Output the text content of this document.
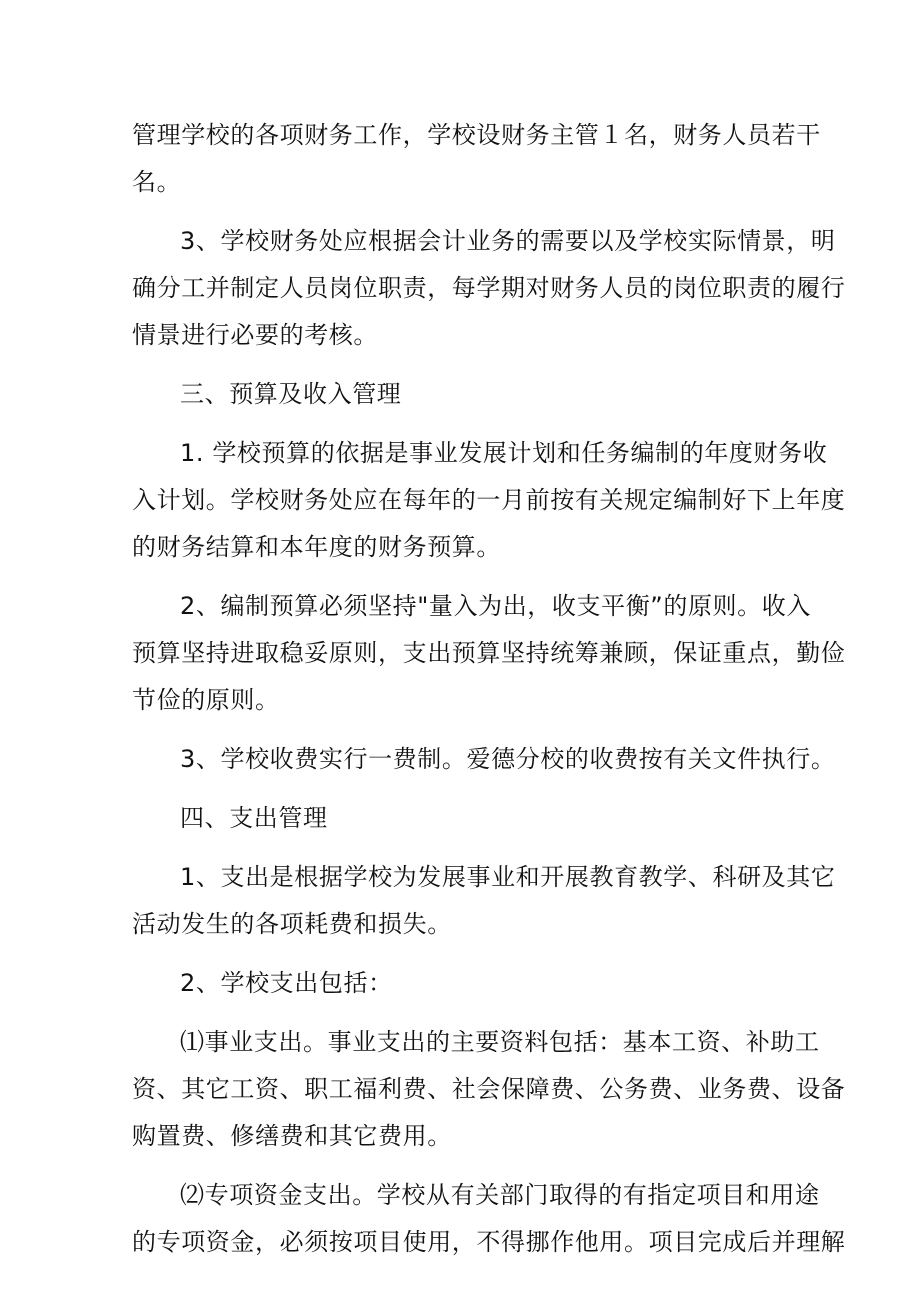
管理学校的各项财务工作，学校设财务主管１名，财务人员若干
名。

3、学校财务处应根据会计业务的需要以及学校实际情景，明
确分工并制定人员岗位职责，每学期对财务人员的岗位职责的履行
情景进行必要的考核。

三、预算及收入管理

1. 学校预算的依据是事业发展计划和任务编制的年度财务收
入计划。学校财务处应在每年的一月前按有关规定编制好下上年度
的财务结算和本年度的财务预算。

2、编制预算必须坚持"量入为出，收支平衡”的原则。收入
预算坚持进取稳妥原则，支出预算坚持统筹兼顾，保证重点，勤俭
节俭的原则。

3、学校收费实行一费制。爱德分校的收费按有关文件执行。

四、支出管理

1、支出是根据学校为发展事业和开展教育教学、科研及其它
活动发生的各项耗费和损失。

2、学校支出包括：

⑴事业支出。事业支出的主要资料包括：基本工资、补助工
资、其它工资、职工福利费、社会保障费、公务费、业务费、设备
购置费、修缮费和其它费用。

⑵专项资金支出。学校从有关部门取得的有指定项目和用途
的专项资金，必须按项目使用，不得挪作他用。项目完成后并理解
